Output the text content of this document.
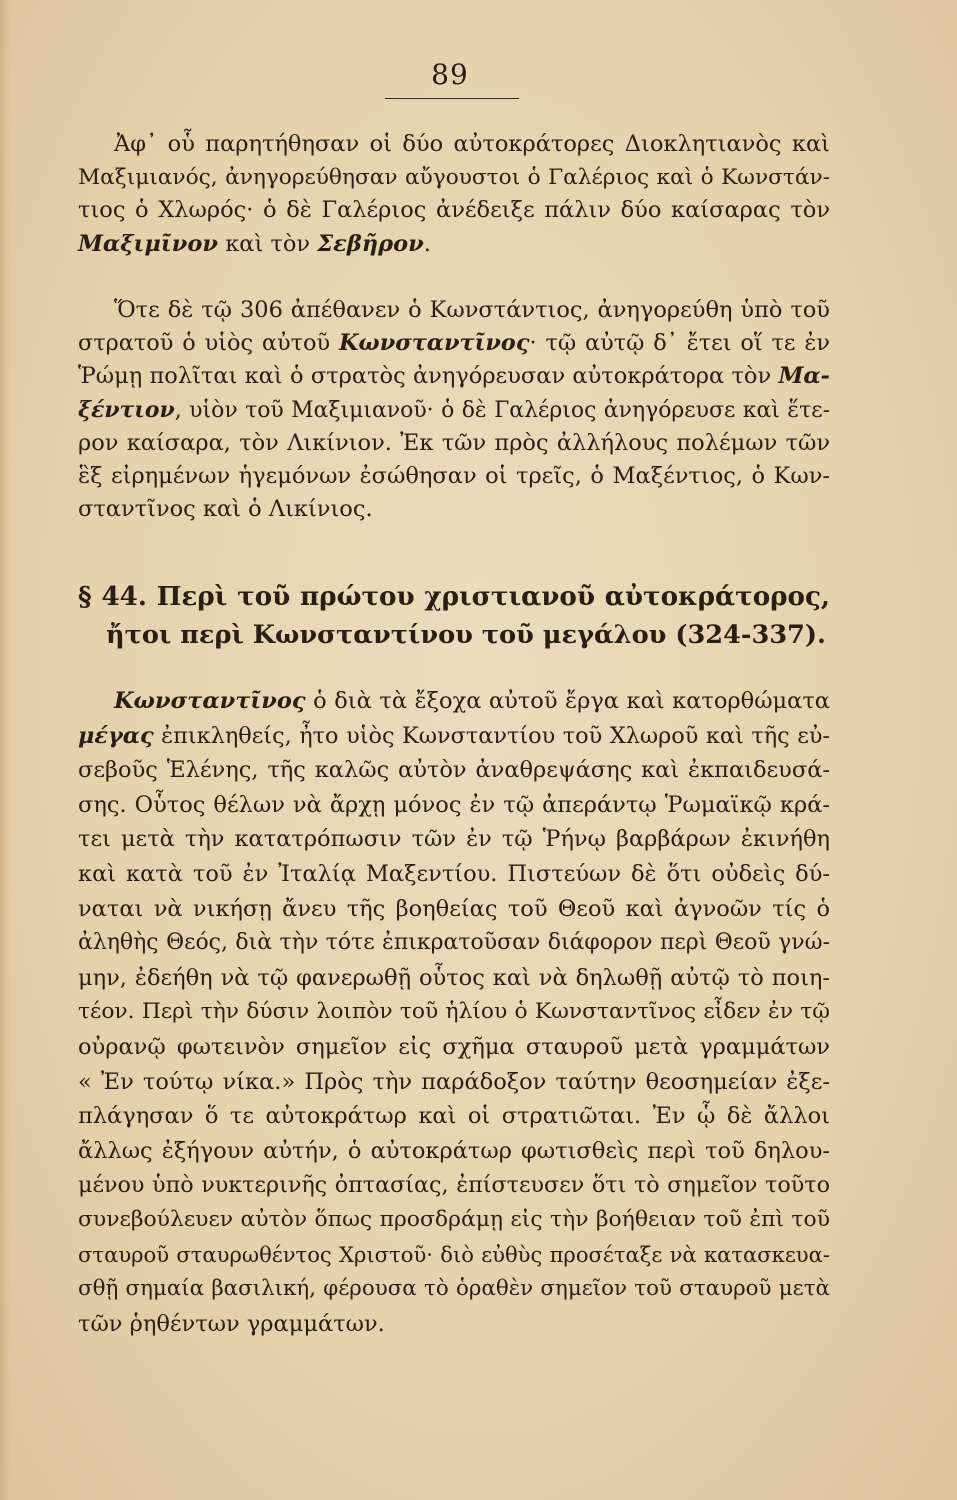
89
Ἀφ᾽ οὗ παρητήθησαν οἱ δύο αὐτοκράτορες Διοκλητιανὸς καὶ
Μαξιμιανός, ἀνηγορεύθησαν αὔγουστοι ὁ Γαλέριος καὶ ὁ Κωνστάν-
τιος ὁ Χλωρός· ὁ δὲ Γαλέριος ἀνέδειξε πάλιν δύο καίσαρας τὸν
Μαξιμῖνον καὶ τὸν Σεβῆρον.
Ὅτε δὲ τῷ 306 ἀπέθανεν ὁ Κωνστάντιος, ἀνηγορεύθη ὑπὸ τοῦ
στρατοῦ ὁ υἱὸς αὐτοῦ Κωνσταντῖνος· τῷ αὐτῷ δ᾽ ἔτει οἵ τε ἐν
Ῥώμῃ πολῖται καὶ ὁ στρατὸς ἀνηγόρευσαν αὐτοκράτορα τὸν Μα-
ξέντιον, υἱὸν τοῦ Μαξιμιανοῦ· ὁ δὲ Γαλέριος ἀνηγόρευσε καὶ ἕτε-
ρον καίσαρα, τὸν Λικίνιον. Ἐκ τῶν πρὸς ἀλλήλους πολέμων τῶν
ἓξ εἰρημένων ἡγεμόνων ἐσώθησαν οἱ τρεῖς, ὁ Μαξέντιος, ὁ Κων-
σταντῖνος καὶ ὁ Λικίνιος.
§ 44. Περὶ τοῦ πρώτου χριστιανοῦ αὐτοκράτορος,
ἤτοι περὶ Κωνσταντίνου τοῦ μεγάλου (324-337).
Κωνσταντῖνος ὁ διὰ τὰ ἔξοχα αὐτοῦ ἔργα καὶ κατορθώματα
μέγας ἐπικληθείς, ἦτο υἱὸς Κωνσταντίου τοῦ Χλωροῦ καὶ τῆς εὐ-
σεβοῦς Ἑλένης, τῆς καλῶς αὐτὸν ἀναθρεψάσης καὶ ἐκπαιδευσά-
σης. Οὗτος θέλων νὰ ἄρχῃ μόνος ἐν τῷ ἀπεράντῳ Ῥωμαϊκῷ κρά-
τει μετὰ τὴν κατατρόπωσιν τῶν ἐν τῷ Ῥήνῳ βαρβάρων ἐκινήθη
καὶ κατὰ τοῦ ἐν Ἰταλίᾳ Μαξεντίου. Πιστεύων δὲ ὅτι οὐδεὶς δύ-
ναται νὰ νικήσῃ ἄνευ τῆς βοηθείας τοῦ Θεοῦ καὶ ἀγνοῶν τίς ὁ
ἀληθὴς Θεός, διὰ τὴν τότε ἐπικρατοῦσαν διάφορον περὶ Θεοῦ γνώ-
μην, ἐδεήθη νὰ τῷ φανερωθῇ οὗτος καὶ νὰ δηλωθῇ αὐτῷ τὸ ποιη-
τέον. Περὶ τὴν δύσιν λοιπὸν τοῦ ἡλίου ὁ Κωνσταντῖνος εἶδεν ἐν τῷ
οὐρανῷ φωτεινὸν σημεῖον εἰς σχῆμα σταυροῦ μετὰ γραμμάτων
« Ἐν τούτῳ νίκα.» Πρὸς τὴν παράδοξον ταύτην θεοσημείαν ἐξε-
πλάγησαν ὅ τε αὐτοκράτωρ καὶ οἱ στρατιῶται. Ἐν ᾧ δὲ ἄλλοι
ἄλλως ἐξήγουν αὐτήν, ὁ αὐτοκράτωρ φωτισθεὶς περὶ τοῦ δηλου-
μένου ὑπὸ νυκτερινῆς ὀπτασίας, ἐπίστευσεν ὅτι τὸ σημεῖον τοῦτο
συνεβούλευεν αὐτὸν ὅπως προσδράμῃ εἰς τὴν βοήθειαν τοῦ ἐπὶ τοῦ
σταυροῦ σταυρωθέντος Χριστοῦ· διὸ εὐθὺς προσέταξε νὰ κατασκευα-
σθῇ σημαία βασιλική, φέρουσα τὸ ὁραθὲν σημεῖον τοῦ σταυροῦ μετὰ
τῶν ῥηθέντων γραμμάτων.
